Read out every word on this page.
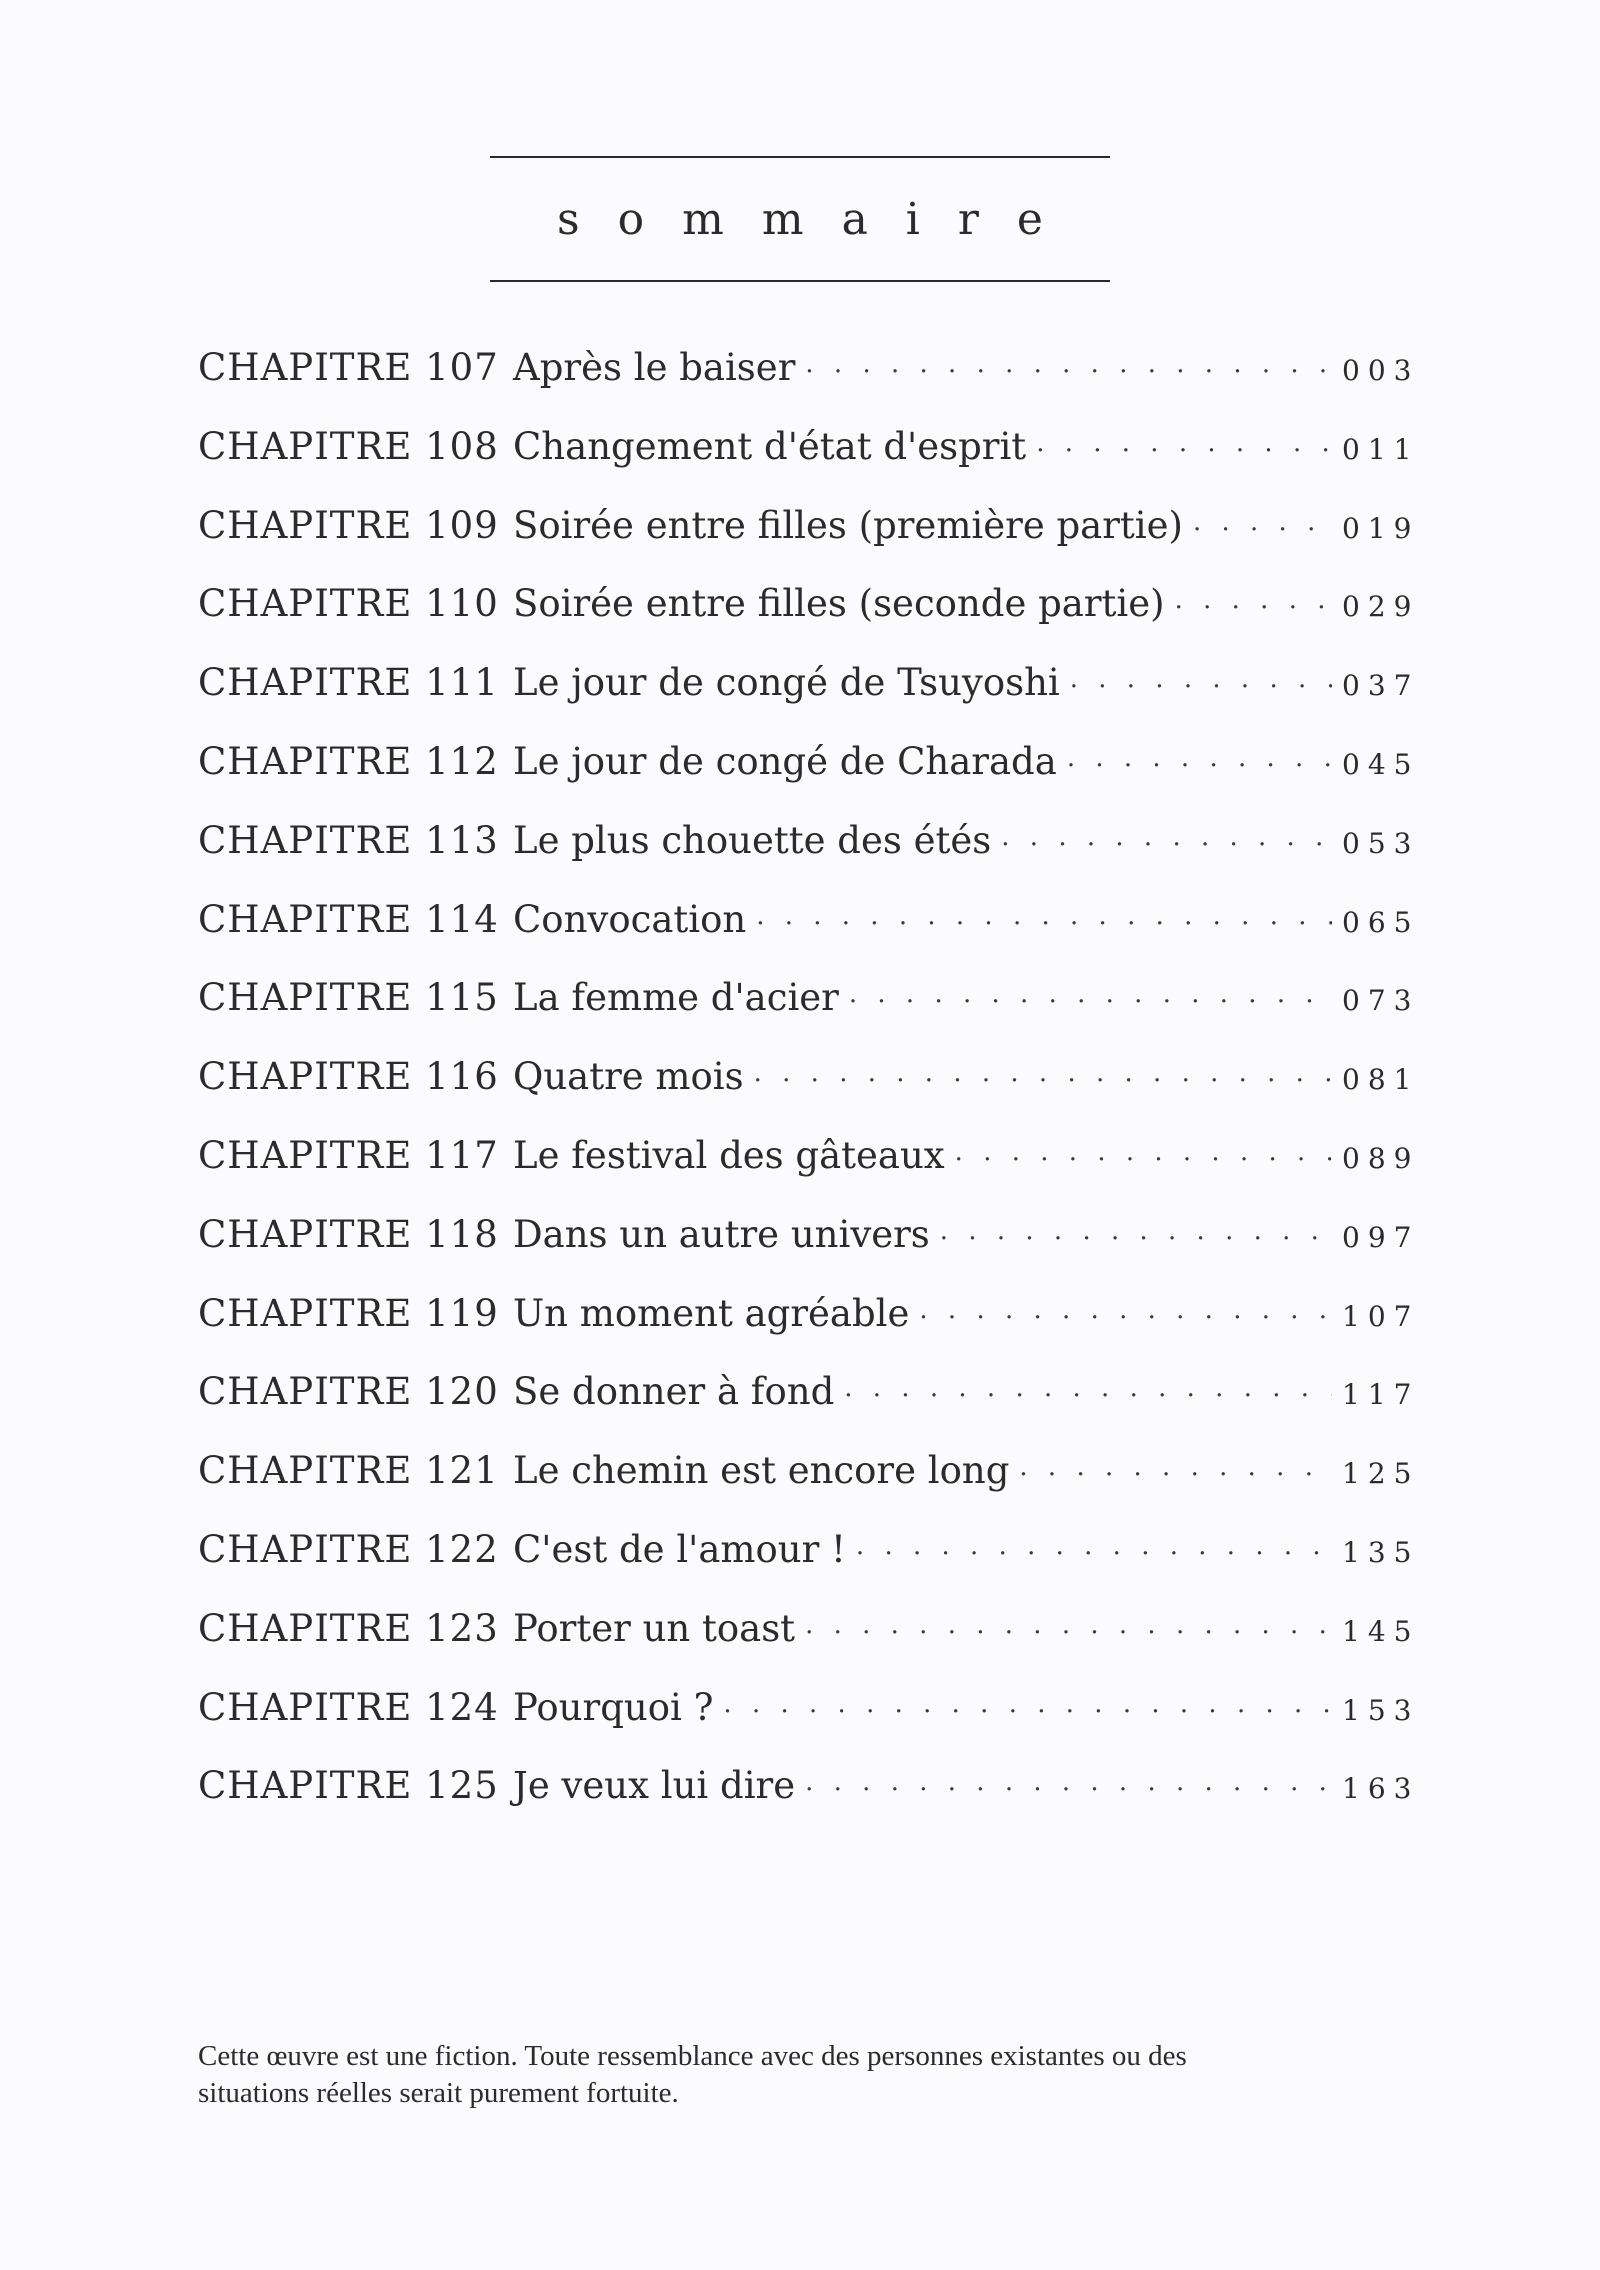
sommaire
CHAPITRE 107 Après le baiser · · ·	003
CHAPITRE 108 Changement d'état d'esprit · · ·	011
CHAPITRE 109 Soirée entre filles (première partie) · · ·	019
CHAPITRE 110 Soirée entre filles (seconde partie) · · ·	029
CHAPITRE 111 Le jour de congé de Tsuyoshi · · ·	037
CHAPITRE 112 Le jour de congé de Charada · · ·	045
CHAPITRE 113 Le plus chouette des étés · · ·	053
CHAPITRE 114 Convocation · · ·	065
CHAPITRE 115 La femme d'acier · · ·	073
CHAPITRE 116 Quatre mois · · ·	081
CHAPITRE 117 Le festival des gâteaux · · ·	089
CHAPITRE 118 Dans un autre univers · · ·	097
CHAPITRE 119 Un moment agréable · · ·	107
CHAPITRE 120 Se donner à fond · · ·	117
CHAPITRE 121 Le chemin est encore long · · ·	125
CHAPITRE 122 C'est de l'amour ! · · ·	135
CHAPITRE 123 Porter un toast · · ·	145
CHAPITRE 124 Pourquoi ? · · ·	153
CHAPITRE 125 Je veux lui dire · · ·	163
Cette œuvre est une fiction. Toute ressemblance avec des personnes existantes ou des
situations réelles serait purement fortuite.
